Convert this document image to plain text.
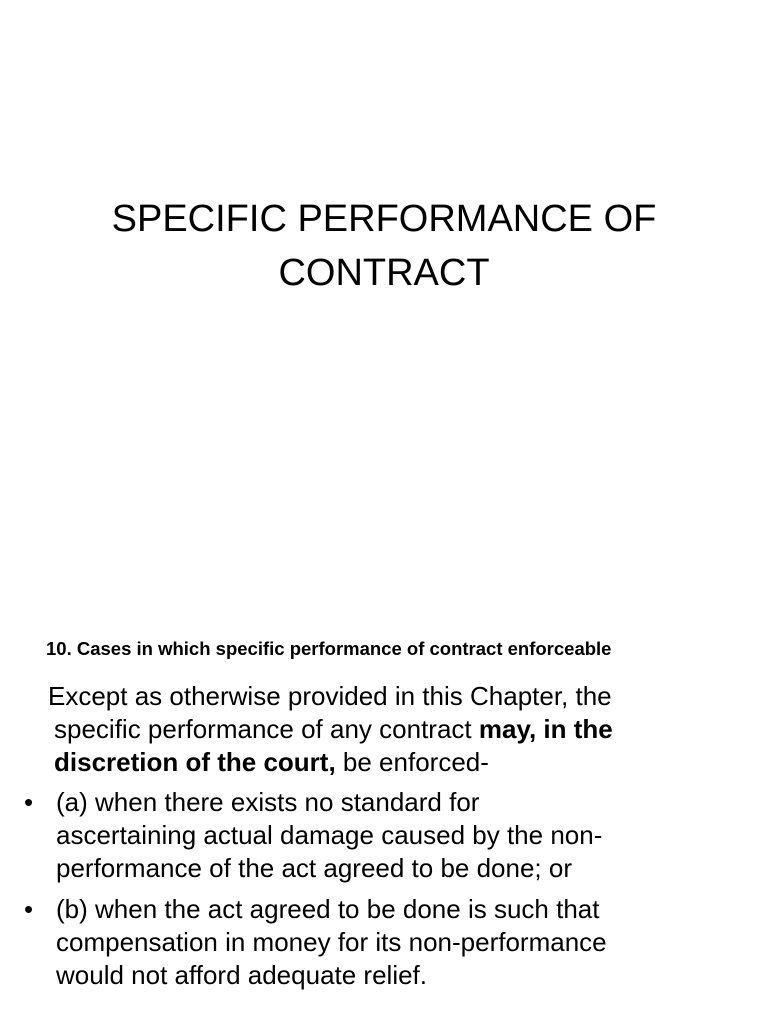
SPECIFIC PERFORMANCE OF
CONTRACT
10. Cases in which specific performance of contract enforceable

Except as otherwise provided in this Chapter, the
specific performance of any contract may, in the
discretion of the court, be enforced-

• (a) when there exists no standard for
ascertaining actual damage caused by the non-
performance of the act agreed to be done; or
• (b) when the act agreed to be done is such that
compensation in money for its non-performance
would not afford adequate relief.
